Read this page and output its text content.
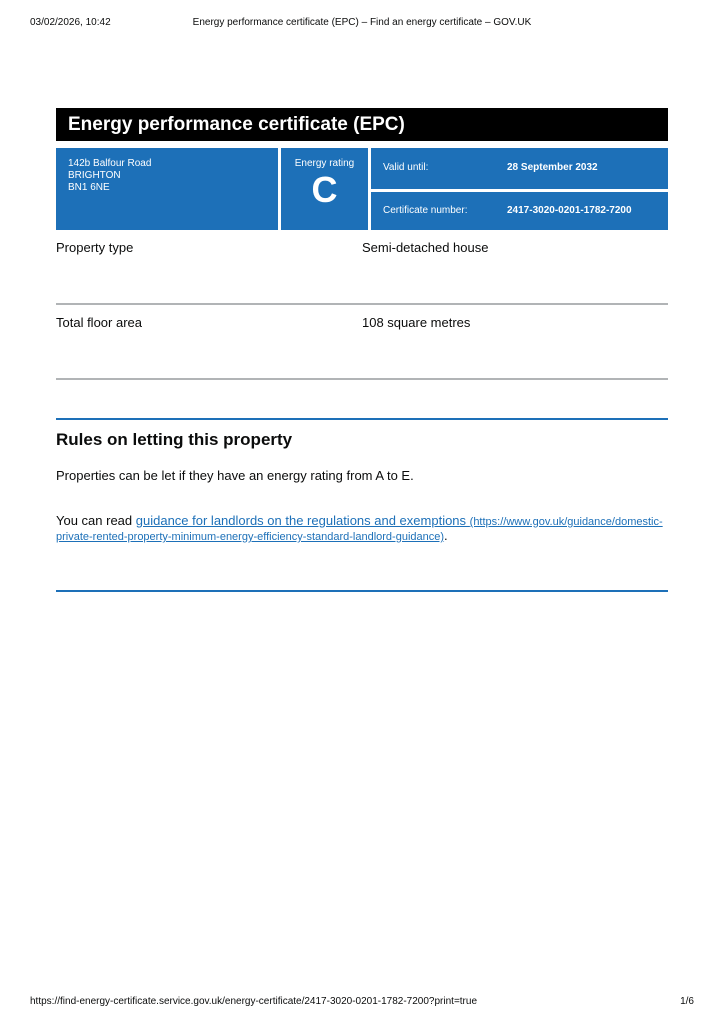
03/02/2026, 10:42	Energy performance certificate (EPC) – Find an energy certificate – GOV.UK
Energy performance certificate (EPC)
142b Balfour Road
BRIGHTON
BN1 6NE
Energy rating
C
Valid until:	28 September 2032
Certificate number:	2417-3020-0201-1782-7200
Property type	Semi-detached house
Total floor area	108 square metres
Rules on letting this property

Properties can be let if they have an energy rating from A to E.

You can read guidance for landlords on the regulations and exemptions (https://www.gov.uk/guidance/domestic-private-rented-property-minimum-energy-efficiency-standard-landlord-guidance).

https://find-energy-certificate.service.gov.uk/energy-certificate/2417-3020-0201-1782-7200?print=true	1/6
